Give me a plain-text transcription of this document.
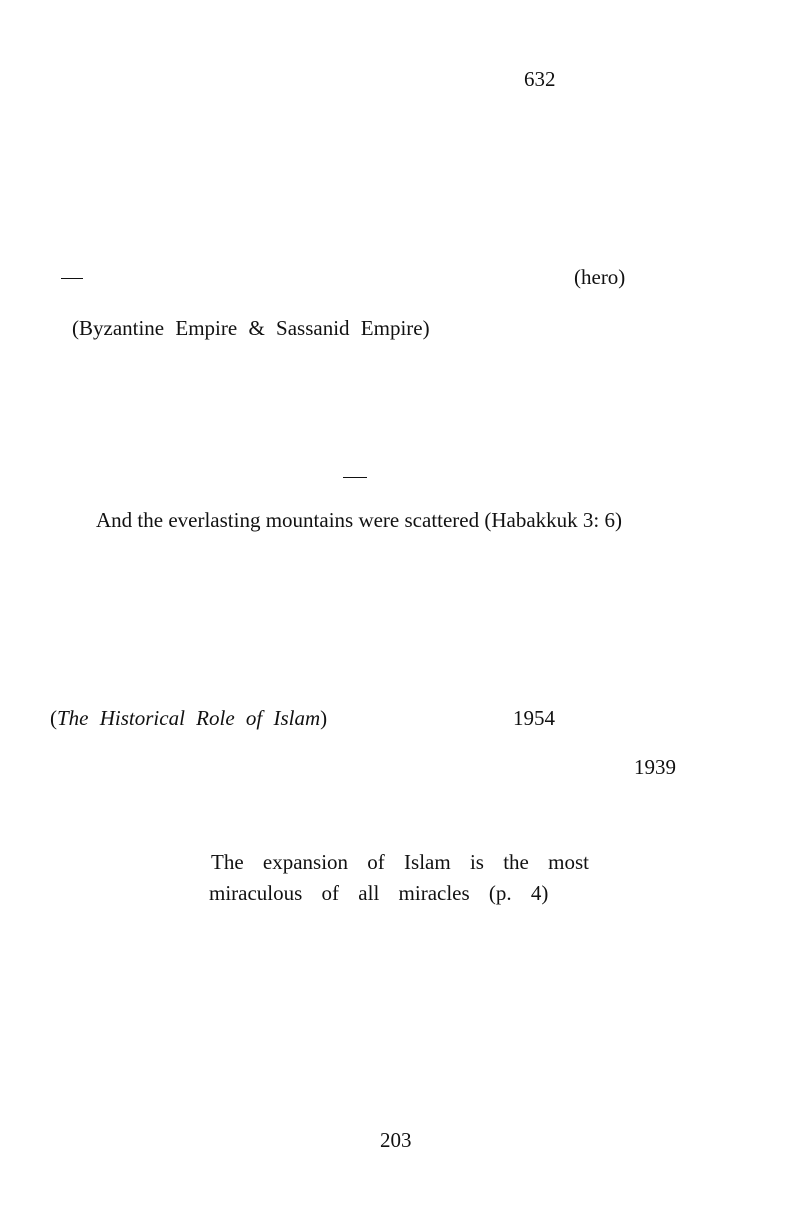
632
(hero)
(Byzantine Empire & Sassanid Empire)
And the everlasting mountains were scattered (Habakkuk 3: 6)
(The Historical Role of Islam)	1954
1939
The expansion of Islam is the most
miraculous of all miracles (p. 4)
203
